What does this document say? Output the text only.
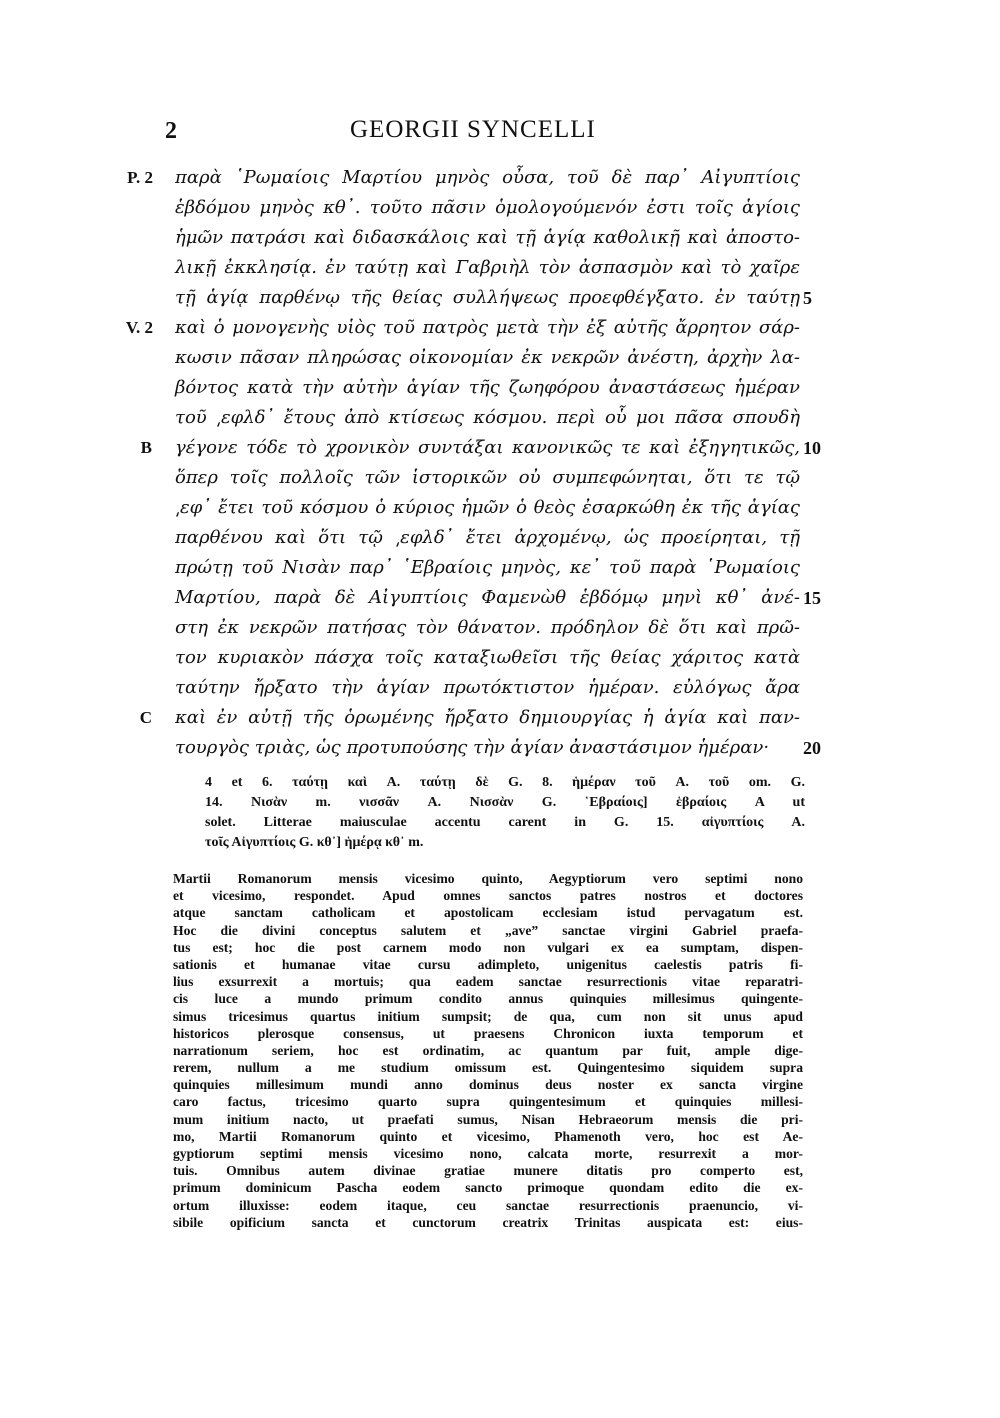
2	GEORGII SYNCELLI
P. 2
V. 2
B
C
παρὰ ῾Ρωμαίοις Μαρτίου μηνὸς οὖσα, τοῦ δὲ παρ᾽ Αἰγυπτίοις
ἑβδόμου μηνὸς κθ᾽. τοῦτο πᾶσιν ὁμολογούμενόν ἐστι τοῖς ἁγίοις
ἡμῶν πατράσι καὶ διδασκάλοις καὶ τῇ ἁγίᾳ καθολικῇ καὶ ἀποστο-
λικῇ ἐκκλησίᾳ. ἐν ταύτῃ καὶ Γαβριὴλ τὸν ἀσπασμὸν καὶ τὸ χαῖρε
τῇ ἁγίᾳ παρθένῳ τῆς θείας συλλήψεως προεφθέγξατο. ἐν ταύτῃ
καὶ ὁ μονογενὴς υἱὸς τοῦ πατρὸς μετὰ τὴν ἐξ αὐτῆς ἄρρητον σάρ-
κωσιν πᾶσαν πληρώσας οἰκονομίαν ἐκ νεκρῶν ἀνέστη, ἀρχὴν λα-
βόντος κατὰ τὴν αὐτὴν ἁγίαν τῆς ζωηφόρου ἀναστάσεως ἡμέραν
τοῦ ͵εφλδ᾽ ἔτους ἀπὸ κτίσεως κόσμου. περὶ οὗ μοι πᾶσα σπουδὴ
γέγονε τόδε τὸ χρονικὸν συντάξαι κανονικῶς τε καὶ ἐξηγητικῶς,
ὅπερ τοῖς πολλοῖς τῶν ἱστορικῶν οὐ συμπεφώνηται, ὅτι τε τῷ
͵εφ᾽ ἔτει τοῦ κόσμου ὁ κύριος ἡμῶν ὁ θεὸς ἐσαρκώθη ἐκ τῆς ἁγίας
παρθένου καὶ ὅτι τῷ ͵εφλδ᾽ ἔτει ἀρχομένῳ, ὡς προείρηται, τῇ
πρώτῃ τοῦ Νισὰν παρ᾽ ῾Εβραίοις μηνὸς, κε᾽ τοῦ παρὰ ῾Ρωμαίοις
Μαρτίου, παρὰ δὲ Αἰγυπτίοις Φαμενὼθ ἑβδόμῳ μηνὶ κθ᾽ ἀνέ-
στη ἐκ νεκρῶν πατήσας τὸν θάνατον. πρόδηλον δὲ ὅτι καὶ πρῶ-
τον κυριακὸν πάσχα τοῖς καταξιωθεῖσι τῆς θείας χάριτος κατὰ
ταύτην ἤρξατο τὴν ἁγίαν πρωτόκτιστον ἡμέραν. εὐλόγως ἄρα
καὶ ἐν αὐτῇ τῆς ὁρωμένης ἤρξατο δημιουργίας ἡ ἁγία καὶ παν-
τουργὸς τριὰς, ὡς προτυπούσης τὴν ἁγίαν ἀναστάσιμον ἡμέραν·
5
10
15
20
4 et 6. ταύτῃ καὶ A. ταύτῃ δὲ G. 8. ἡμέραν τοῦ A. τοῦ om. G.
14. Νισὰν m. νισσᾶν A. Νισσὰν G. ῾Εβραίοις] ἑβραίοις A ut
solet. Litterae maiusculae accentu carent in G. 15. αἰγυπτίοις A.
τοῖς Αἰγυπτίοις G. κθ᾽] ἡμέρᾳ κθ᾽ m.
Martii Romanorum mensis vicesimo quinto, Aegyptiorum vero septimi nono
et vicesimo, respondet. Apud omnes sanctos patres nostros et doctores
atque sanctam catholicam et apostolicam ecclesiam istud pervagatum est.
Hoc die divini conceptus salutem et „ave” sanctae virgini Gabriel praefa-
tus est; hoc die post carnem modo non vulgari ex ea sumptam, dispen-
sationis et humanae vitae cursu adimpleto, unigenitus caelestis patris fi-
lius exsurrexit a mortuis; qua eadem sanctae resurrectionis vitae reparatri-
cis luce a mundo primum condito annus quinquies millesimus quingente-
simus tricesimus quartus initium sumpsit; de qua, cum non sit unus apud
historicos plerosque consensus, ut praesens Chronicon iuxta temporum et
narrationum seriem, hoc est ordinatim, ac quantum par fuit, ample dige-
rerem, nullum a me studium omissum est. Quingentesimo siquidem supra
quinquies millesimum mundi anno dominus deus noster ex sancta virgine
caro factus, tricesimo quarto supra quingentesimum et quinquies millesi-
mum initium nacto, ut praefati sumus, Nisan Hebraeorum mensis die pri-
mo, Martii Romanorum quinto et vicesimo, Phamenoth vero, hoc est Ae-
gyptiorum septimi mensis vicesimo nono, calcata morte, resurrexit a mor-
tuis. Omnibus autem divinae gratiae munere ditatis pro comperto est,
primum dominicum Pascha eodem sancto primoque quondam edito die ex-
ortum illuxisse: eodem itaque, ceu sanctae resurrectionis praenuncio, vi-
sibile opificium sancta et cunctorum creatrix Trinitas auspicata est: eius-
